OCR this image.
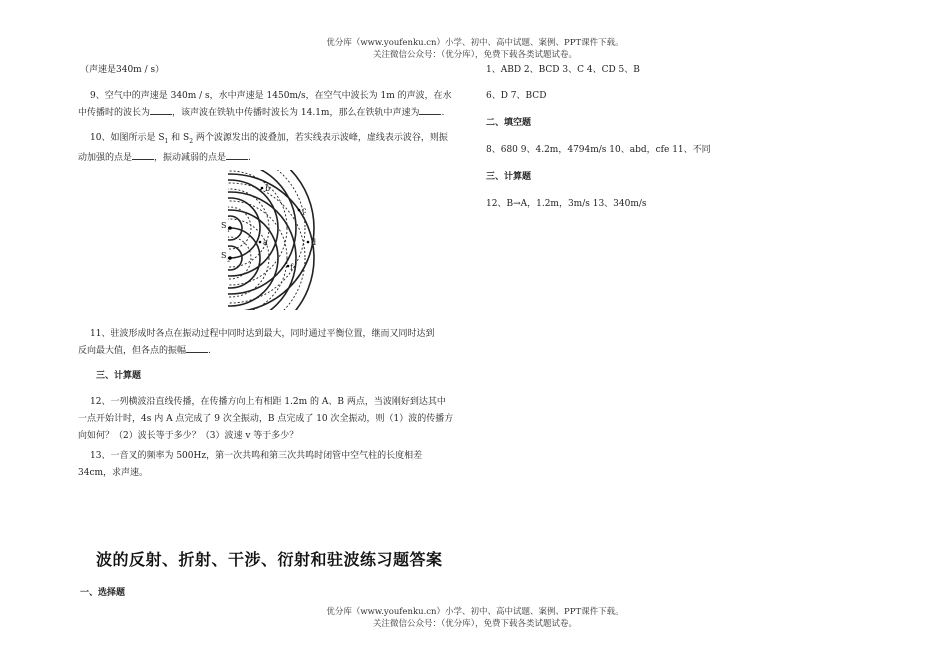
优分库（www.youfenku.cn）小学、初中、高中试题、案例、PPT课件下载。
关注微信公众号：（优分库），免费下载各类试题试卷。
（声速是340m / s）
9、空气中的声速是 340m / s，水中声速是 1450m/s，在空气中波长为 1m 的声波，在水
中传播时的波长为 ，该声波在铁轨中传播时波长为 14.1m，那么在铁轨中声速为 .
10、如图所示是 $S_1$ 和 $S_2$ 两个波源发出的波叠加，若实线表示波峰，虚线表示波谷，则振
动加强的点是 ，振动减弱的点是 .
b
c
a	d
f
S
1
S
2
11、驻波形成时各点在振动过程中同时达到最大，同时通过平衡位置，继而又同时达到
反向最大值，但各点的振幅 .
三、计算题
12、一列横波沿直线传播，在传播方向上有相距 1.2m 的 A、B 两点，当波刚好到达其中
一点开始计时，4s 内 A 点完成了 9 次全振动，B 点完成了 10 次全振动，则（1）波的传播方
向如何？（2）波长等于多少？（3）波速 v 等于多少？
13、一音叉的频率为 500Hz，第一次共鸣和第三次共鸣时闭管中空气柱的长度相差
34cm，求声速。
波的反射、折射、干涉、衍射和驻波练习题答案
一、选择题
1、ABD 2、BCD 3、C 4、CD 5、B
6、D 7、BCD
二、填空题
8、680 9、4.2m，4794m/s 10、abd，cfe 11、不同
三、计算题
12、B→A，1.2m，3m/s 13、340m/s
优分库（www.youfenku.cn）小学、初中、高中试题、案例、PPT课件下载。
关注微信公众号：（优分库），免费下载各类试题试卷。
